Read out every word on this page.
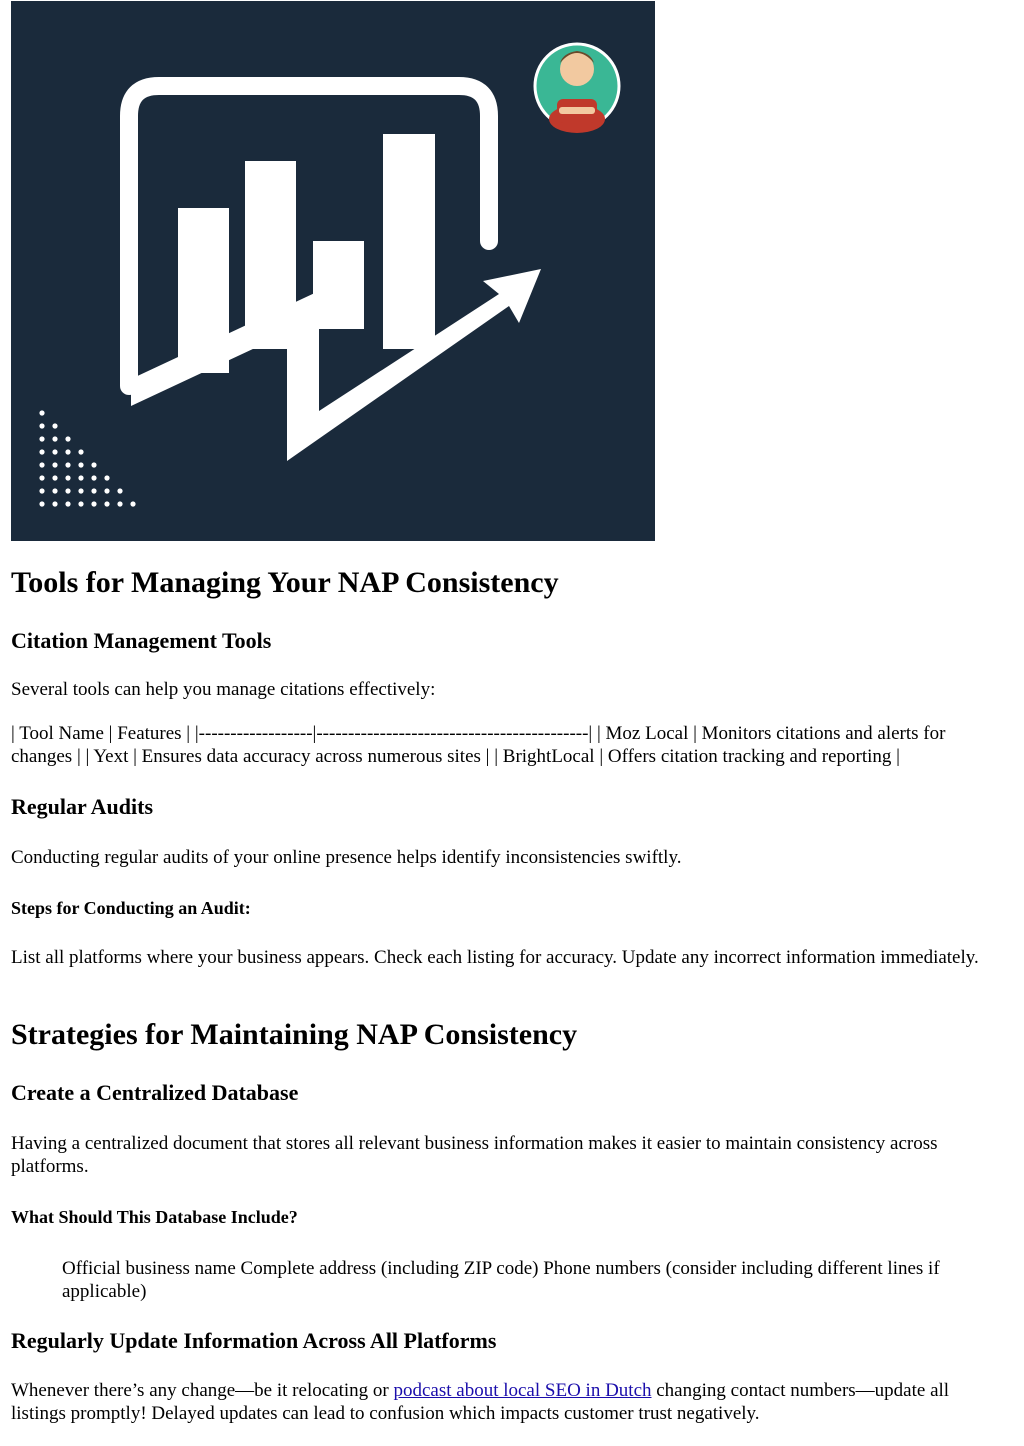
Tools for Managing Your NAP Consistency
Citation Management Tools

Several tools can help you manage citations effectively:

| Tool Name | Features | |------------------|-------------------------------------------| | Moz Local | Monitors citations and alerts for changes | | Yext | Ensures data accuracy across numerous sites | | BrightLocal | Offers citation tracking and reporting |

Regular Audits

Conducting regular audits of your online presence helps identify inconsistencies swiftly.

Steps for Conducting an Audit:

List all platforms where your business appears. Check each listing for accuracy. Update any incorrect information immediately.

Strategies for Maintaining NAP Consistency
Create a Centralized Database

Having a centralized document that stores all relevant business information makes it easier to maintain consistency across platforms.

What Should This Database Include?

Official business name Complete address (including ZIP code) Phone numbers (consider including different lines if applicable)

Regularly Update Information Across All Platforms

Whenever there’s any change—be it relocating or podcast about local SEO in Dutch changing contact numbers—update all listings promptly! Delayed updates can lead to confusion which impacts customer trust negatively.
